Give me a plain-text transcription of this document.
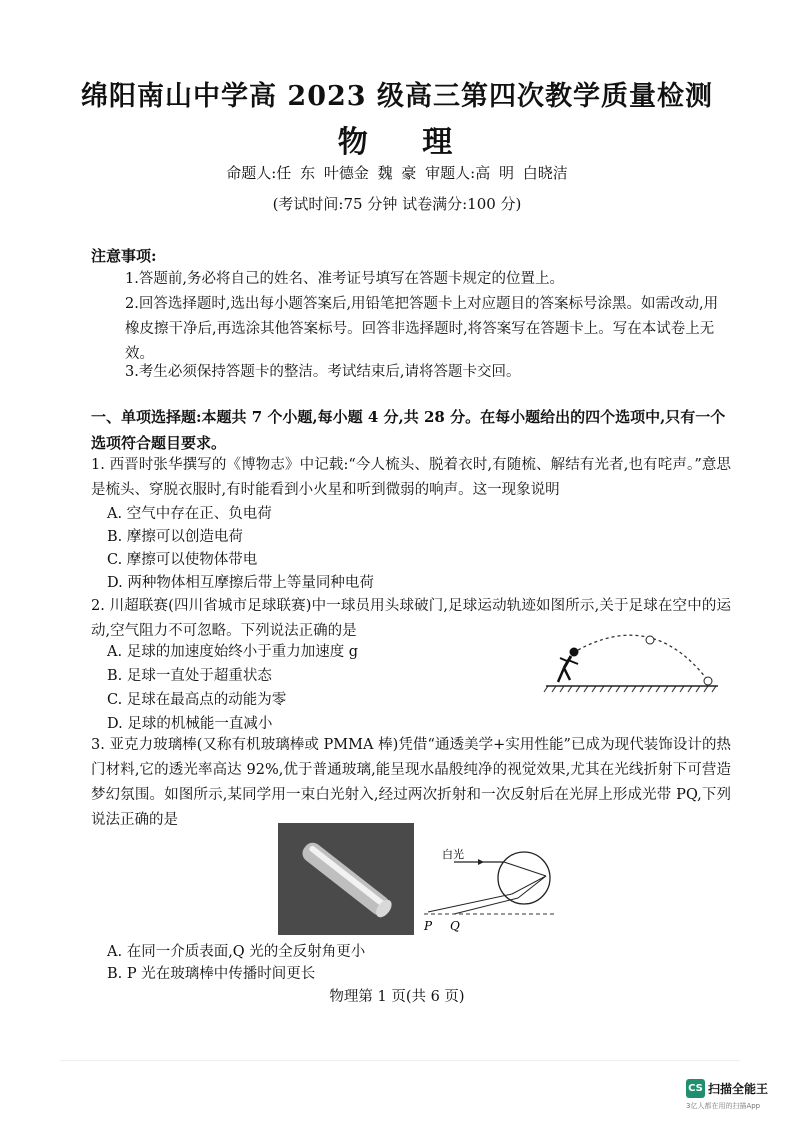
绵阳南山中学高 2023 级高三第四次教学质量检测
物 理
命题人:任 东 叶德金 魏 豪 审题人:高 明 白晓洁
(考试时间:75 分钟 试卷满分:100 分)
注意事项:
1.答题前,务必将自己的姓名、准考证号填写在答题卡规定的位置上。
2.回答选择题时,选出每小题答案后,用铅笔把答题卡上对应题目的答案标号涂黑。如需改动,用橡皮擦干净后,再选涂其他答案标号。回答非选择题时,将答案写在答题卡上。写在本试卷上无效。
3.考生必须保持答题卡的整洁。考试结束后,请将答题卡交回。
一、单项选择题:本题共 7 个小题,每小题 4 分,共 28 分。在每小题给出的四个选项中,只有一个选项符合题目要求。
1. 西晋时张华撰写的《博物志》中记载:“今人梳头、脱着衣时,有随梳、解结有光者,也有咤声。”意思是梳头、穿脱衣服时,有时能看到小火星和听到微弱的响声。这一现象说明
A. 空气中存在正、负电荷
B. 摩擦可以创造电荷
C. 摩擦可以使物体带电
D. 两种物体相互摩擦后带上等量同种电荷
2. 川超联赛(四川省城市足球联赛)中一球员用头球破门,足球运动轨迹如图所示,关于足球在空中的运动,空气阻力不可忽略。下列说法正确的是
A. 足球的加速度始终小于重力加速度 g
B. 足球一直处于超重状态
C. 足球在最高点的动能为零
D. 足球的机械能一直减小
3. 亚克力玻璃棒(又称有机玻璃棒或 PMMA 棒)凭借“通透美学+实用性能”已成为现代装饰设计的热门材料,它的透光率高达 92%,优于普通玻璃,能呈现水晶般纯净的视觉效果,尤其在光线折射下可营造梦幻氛围。如图所示,某同学用一束白光射入,经过两次折射和一次反射后在光屏上形成光带 PQ,下列说法正确的是
白光
P Q
A. 在同一介质表面,Q 光的全反射角更小
B. P 光在玻璃棒中传播时间更长
物理第 1 页(共 6 页)
CS 扫描全能王
3亿人都在用的扫描App
